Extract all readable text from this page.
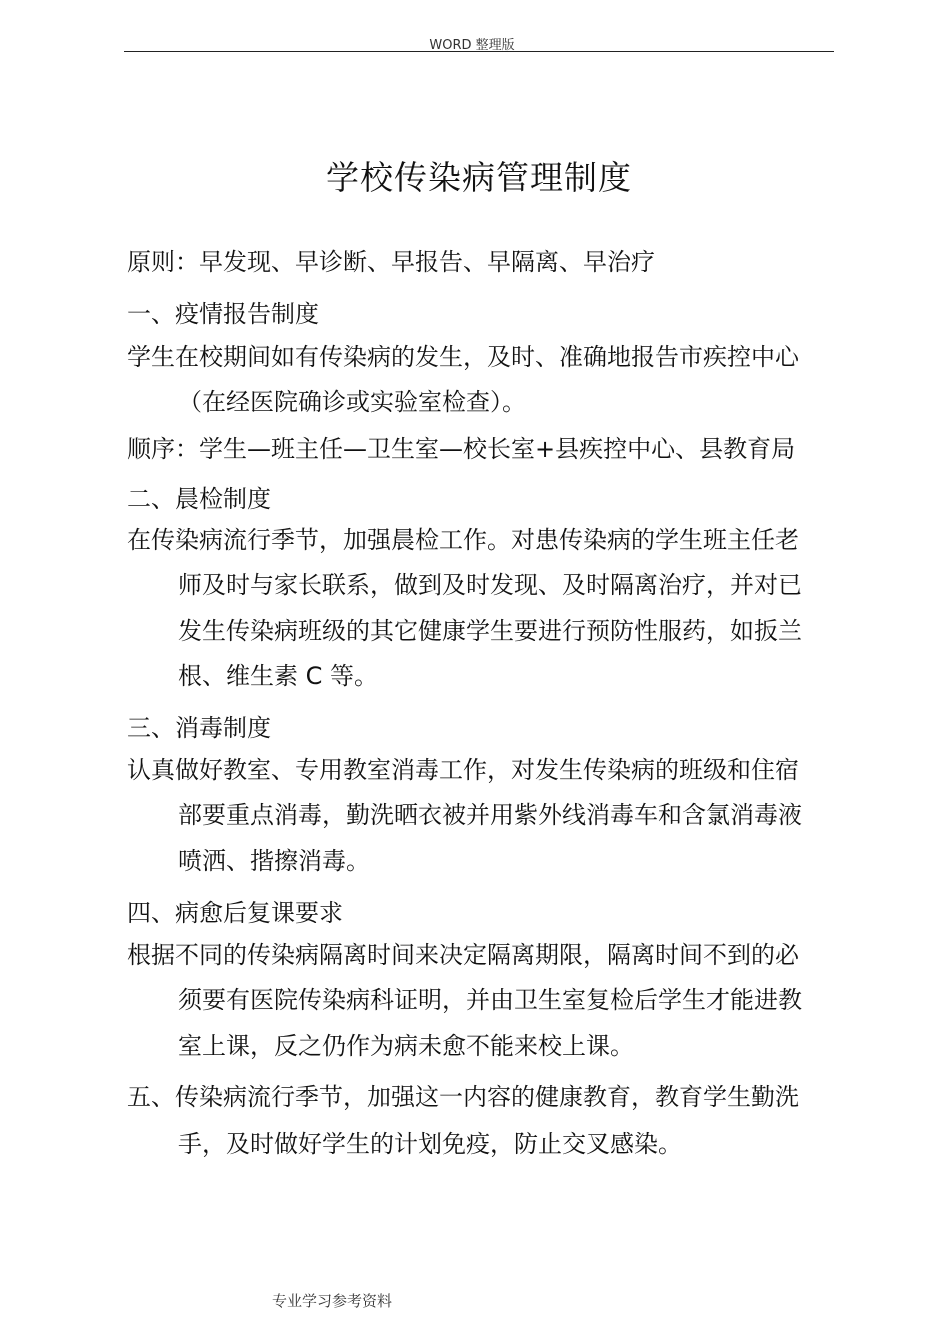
WORD 整理版
学校传染病管理制度
原则：早发现、早诊断、早报告、早隔离、早治疗
一、疫情报告制度
学生在校期间如有传染病的发生，及时、准确地报告市疾控中心
（在经医院确诊或实验室检查）。
顺序：学生—班主任—卫生室—校长室+县疾控中心、县教育局
二、晨检制度
在传染病流行季节，加强晨检工作。对患传染病的学生班主任老
师及时与家长联系，做到及时发现、及时隔离治疗，并对已
发生传染病班级的其它健康学生要进行预防性服药，如扳兰
根、维生素 C 等。
三、消毒制度
认真做好教室、专用教室消毒工作，对发生传染病的班级和住宿
部要重点消毒，勤洗晒衣被并用紫外线消毒车和含氯消毒液
喷洒、揩擦消毒。
四、病愈后复课要求
根据不同的传染病隔离时间来决定隔离期限，隔离时间不到的必
须要有医院传染病科证明，并由卫生室复检后学生才能进教
室上课，反之仍作为病未愈不能来校上课。
五、传染病流行季节，加强这一内容的健康教育，教育学生勤洗
手，及时做好学生的计划免疫，防止交叉感染。
专业学习参考资料
